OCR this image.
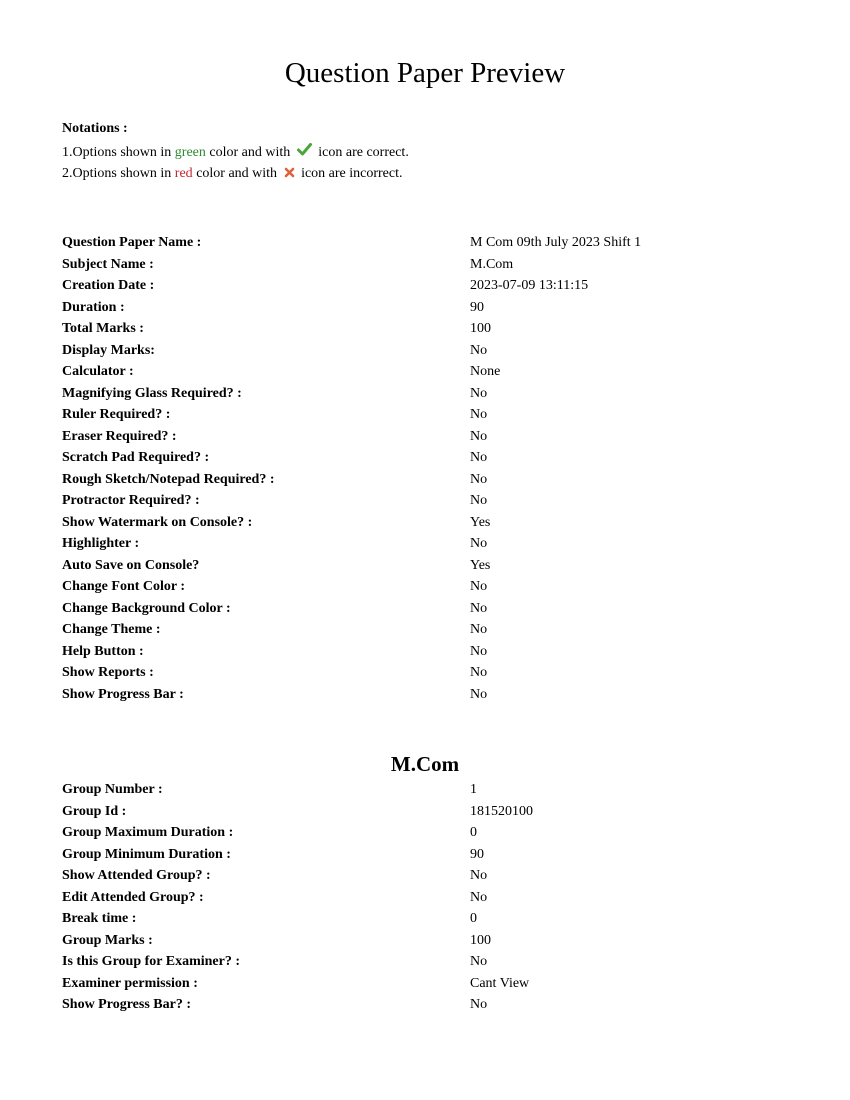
Question Paper Preview
Notations :
1.Options shown in green color and with  icon are correct.
2.Options shown in red color and with  icon are incorrect.
Question Paper Name :	M Com 09th July 2023 Shift 1
Subject Name :	M.Com
Creation Date :	2023-07-09 13:11:15
Duration :	90
Total Marks :	100
Display Marks:	No
Calculator :	None
Magnifying Glass Required? :	No
Ruler Required? :	No
Eraser Required? :	No
Scratch Pad Required? :	No
Rough Sketch/Notepad Required? :	No
Protractor Required? :	No
Show Watermark on Console? :	Yes
Highlighter :	No
Auto Save on Console?	Yes
Change Font Color :	No
Change Background Color :	No
Change Theme :	No
Help Button :	No
Show Reports :	No
Show Progress Bar :	No
M.Com
Group Number :	1
Group Id :	181520100
Group Maximum Duration :	0
Group Minimum Duration :	90
Show Attended Group? :	No
Edit Attended Group? :	No
Break time :	0
Group Marks :	100
Is this Group for Examiner? :	No
Examiner permission :	Cant View
Show Progress Bar? :	No
